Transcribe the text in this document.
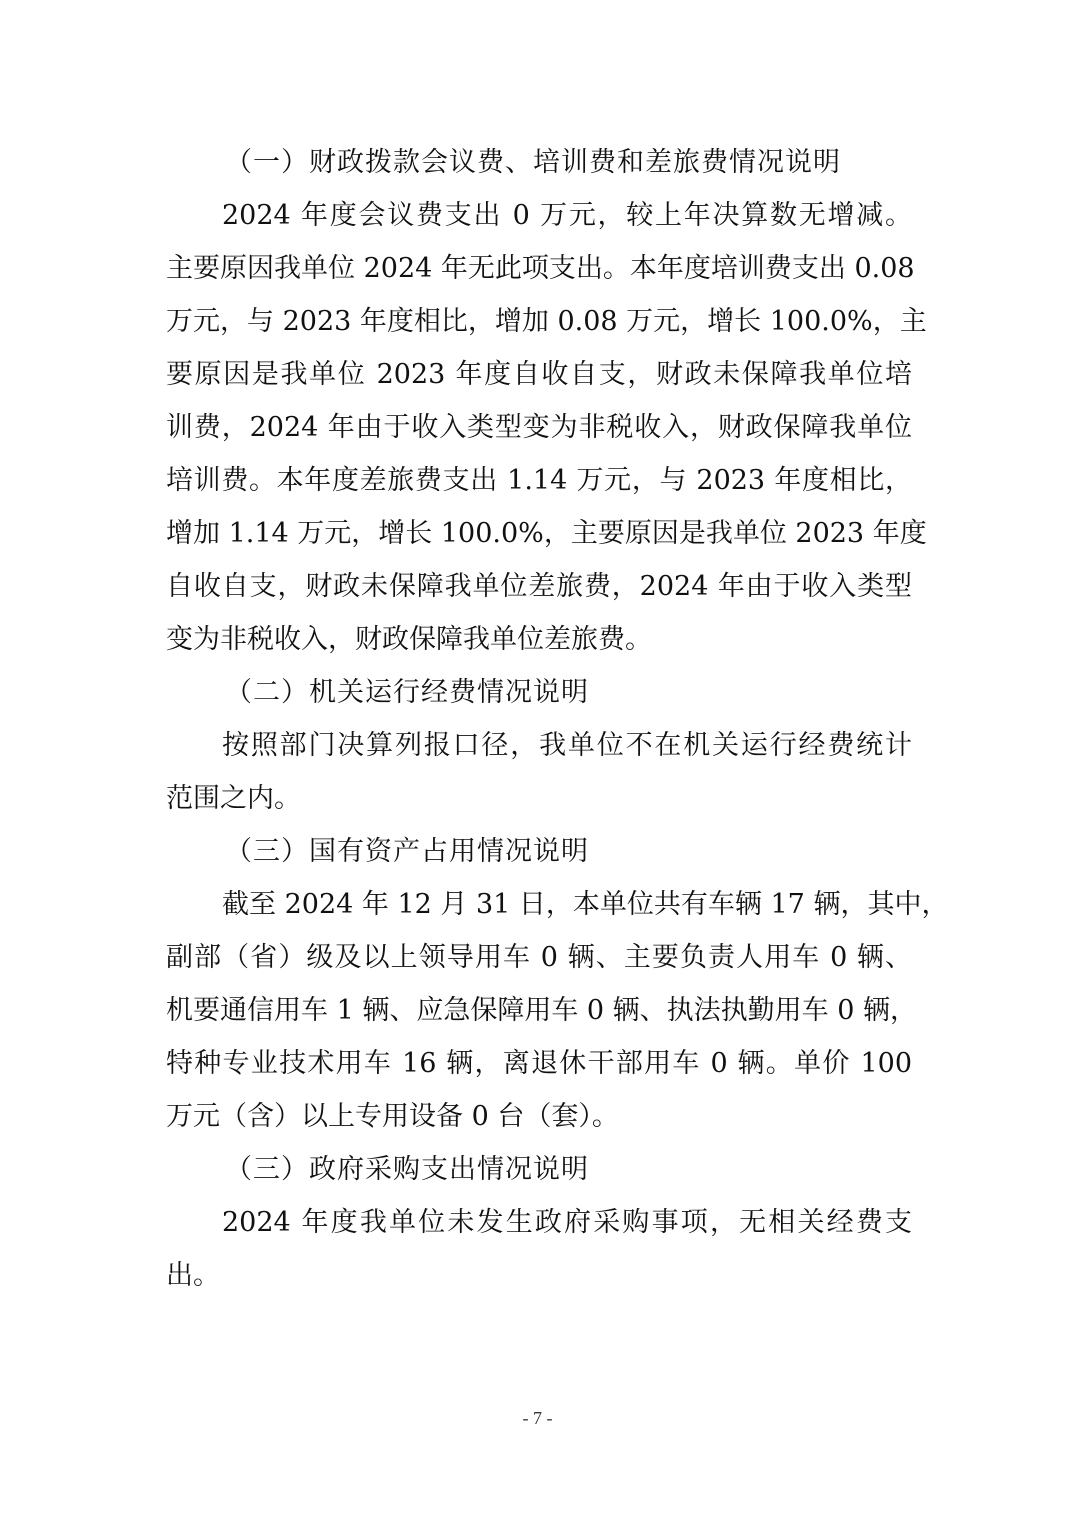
（一）财政拨款会议费、培训费和差旅费情况说明
2024 年度会议费支出 0 万元，较上年决算数无增减。
主要原因我单位 2024 年无此项支出。本年度培训费支出 0.08
万元，与 2023 年度相比，增加 0.08 万元，增长 100.0%，主
要原因是我单位 2023 年度自收自支，财政未保障我单位培
训费，2024 年由于收入类型变为非税收入，财政保障我单位
培训费。本年度差旅费支出 1.14 万元，与 2023 年度相比，
增加 1.14 万元，增长 100.0%，主要原因是我单位 2023 年度
自收自支，财政未保障我单位差旅费，2024 年由于收入类型
变为非税收入，财政保障我单位差旅费。
（二）机关运行经费情况说明
按照部门决算列报口径，我单位不在机关运行经费统计
范围之内。
（三）国有资产占用情况说明
截至 2024 年 12 月 31 日，本单位共有车辆 17 辆，其中，
副部（省）级及以上领导用车 0 辆、主要负责人用车 0 辆、
机要通信用车 1 辆、应急保障用车 0 辆、执法执勤用车 0 辆，
特种专业技术用车 16 辆，离退休干部用车 0 辆。单价 100
万元（含）以上专用设备 0 台（套）。
（三）政府采购支出情况说明
2024 年度我单位未发生政府采购事项，无相关经费支
出。
- 7 -
